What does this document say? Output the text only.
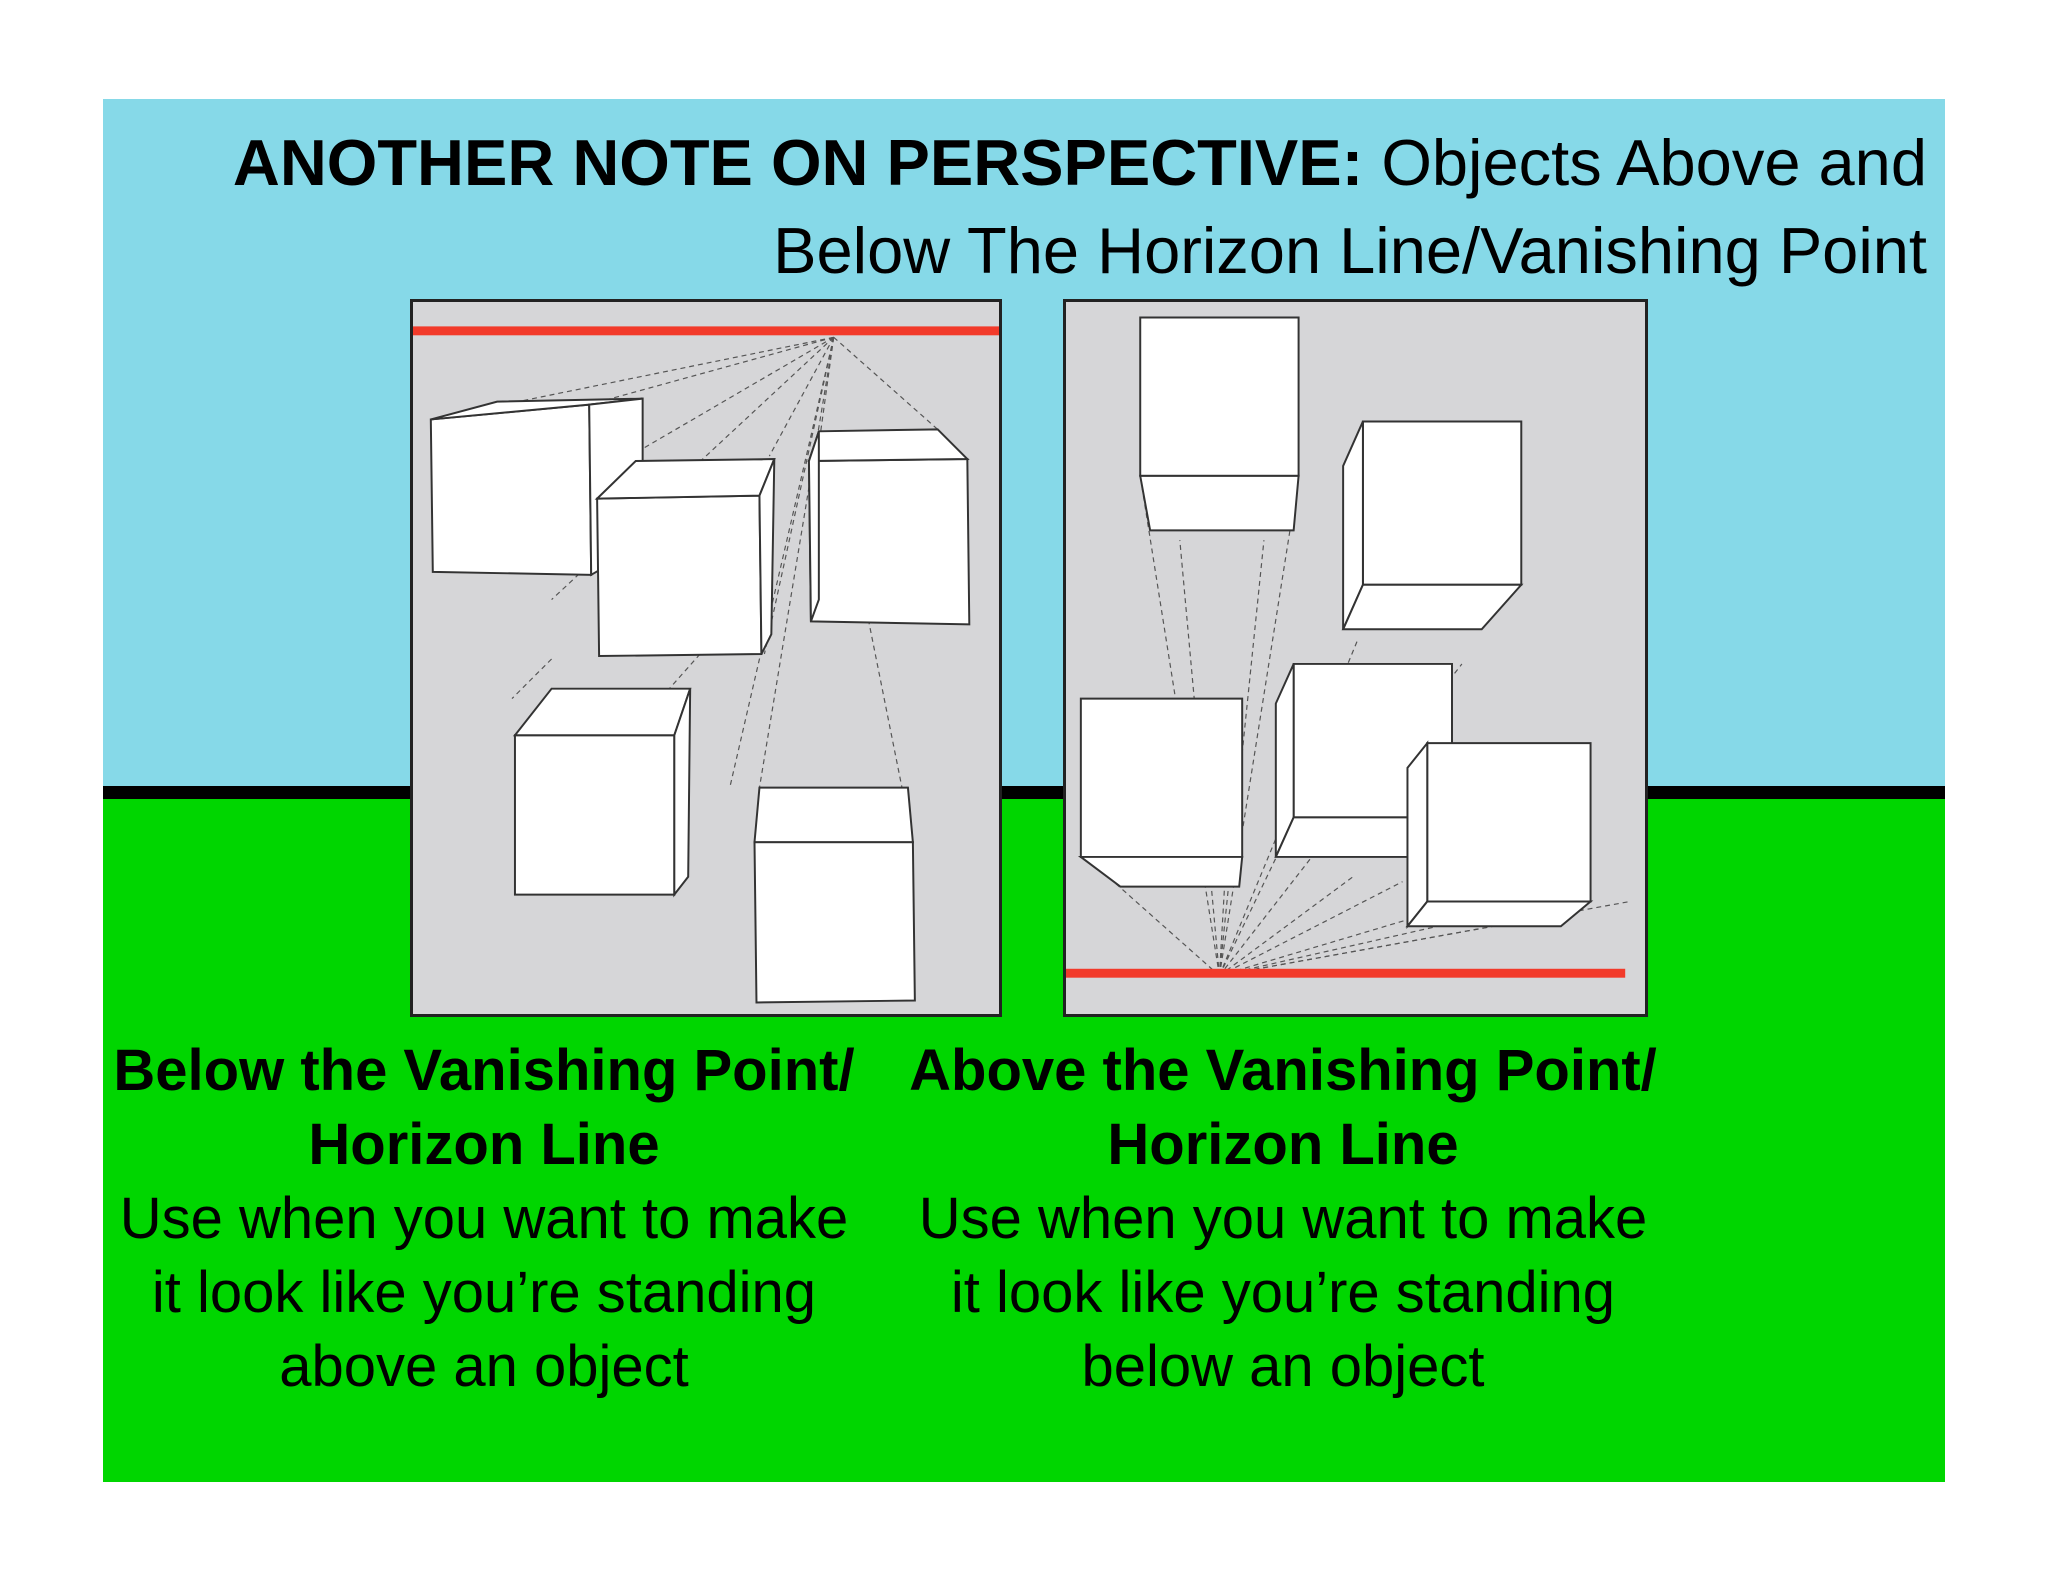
ANOTHER NOTE ON PERSPECTIVE: Objects Above and Below The Horizon Line/Vanishing Point
Below the Vanishing Point/ Horizon Line
Use when you want to make it look like you’re standing above an object
Above the Vanishing Point/ Horizon Line
Use when you want to make it look like you’re standing below an object
